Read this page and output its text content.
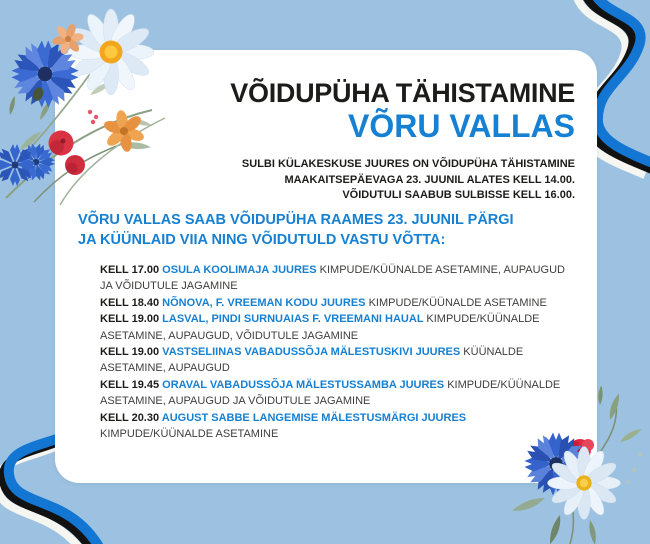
VÕIDUPÜHA TÄHISTAMINE
VÕRU VALLAS
SULBI KÜLAKESKUSE JUURES ON VÕIDUPÜHA TÄHISTAMINE
MAAKAITSEPÄEVAGA 23. JUUNIL ALATES KELL 14.00.
VÕIDUTULI SAABUB SULBISSE KELL 16.00.
VÕRU VALLAS SAAB VÕIDUPÜHA RAAMES 23. JUUNIL PÄRGI
JA KÜÜNLAID VIIA NING VÕIDUTULD VASTU VÕTTA:

KELL 17.00 OSULA KOOLIMAJA JUURES KIMPUDE/KÜÜNALDE ASETAMINE, AUPAUGUD JA VÕIDUTULE JAGAMINE

KELL 18.40 NÕNOVA, F. VREEMAN KODU JUURES KIMPUDE/KÜÜNALDE ASETAMINE

KELL 19.00 LASVAL, PINDI SURNUAIAS F. VREEMANI HAUAL KIMPUDE/KÜÜNALDE ASETAMINE, AUPAUGUD, VÕIDUTULE JAGAMINE

KELL 19.00 VASTSELIINAS VABADUSSÕJA MÄLESTUSKIVI JUURES KÜÜNALDE ASETAMINE, AUPAUGUD

KELL 19.45 ORAVAL VABADUSSÕJA MÄLESTUSSAMBA JUURES KIMPUDE/KÜÜNALDE ASETAMINE, AUPAUGUD JA VÕIDUTULE JAGAMINE

KELL 20.30 AUGUST SABBE LANGEMISE MÄLESTUSMÄRGI JUURES KIMPUDE/KÜÜNALDE ASETAMINE
